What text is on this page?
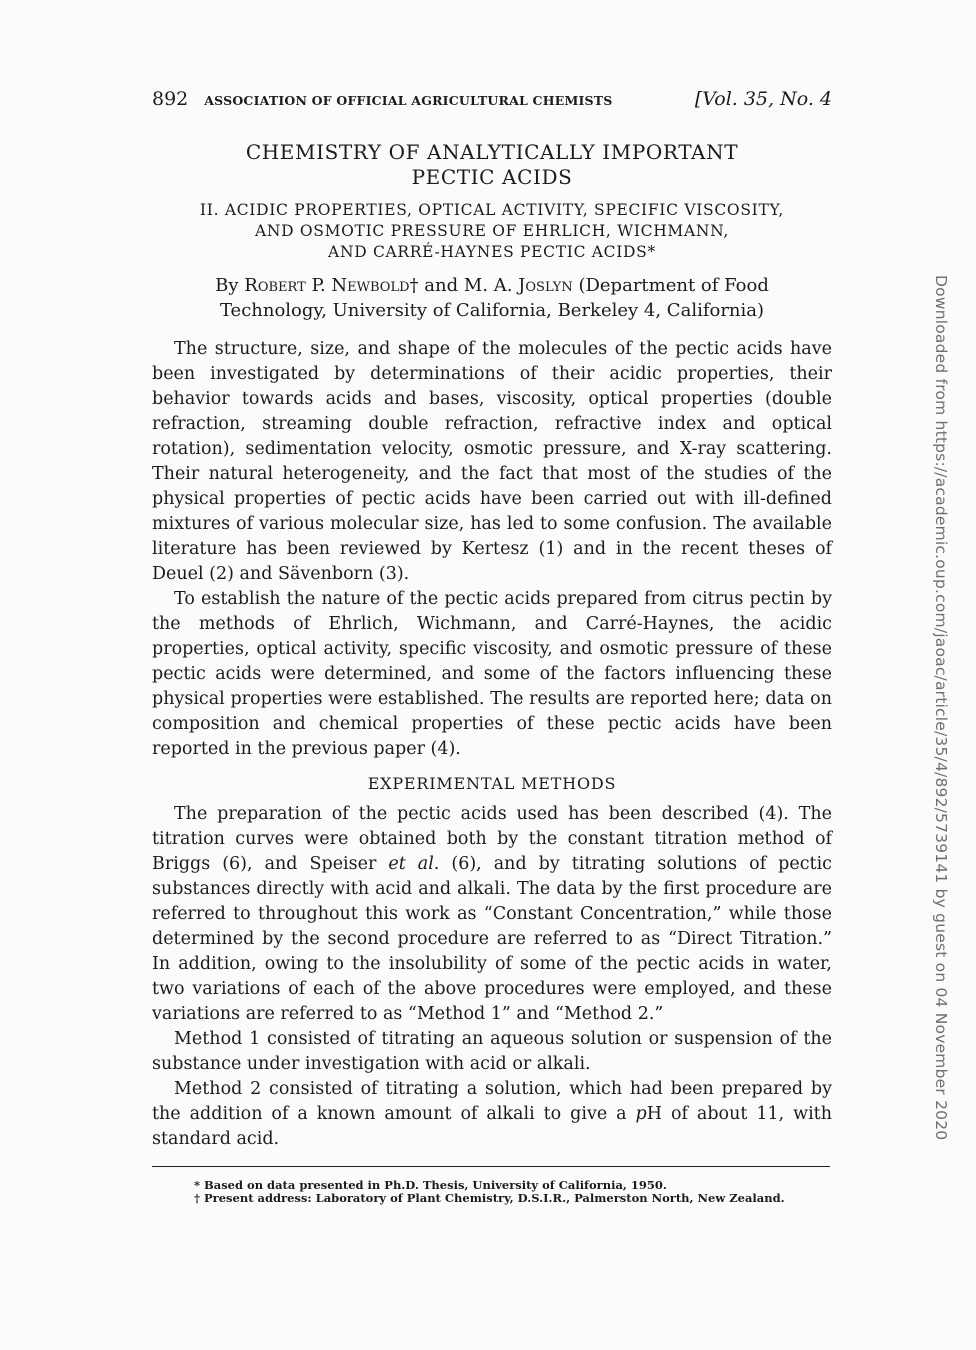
892 ASSOCIATION OF OFFICIAL AGRICULTURAL CHEMISTS	[Vol. 35, No. 4
CHEMISTRY OF ANALYTICALLY IMPORTANT
PECTIC ACIDS
II. ACIDIC PROPERTIES, OPTICAL ACTIVITY, SPECIFIC VISCOSITY,
AND OSMOTIC PRESSURE OF EHRLICH, WICHMANN,
AND CARRÉ-HAYNES PECTIC ACIDS*
By Robert P. Newbold† and M. A. Joslyn (Department of Food Technology, University of California, Berkeley 4, California)

The structure, size, and shape of the molecules of the pectic acids have been investigated by determinations of their acidic properties, their behavior towards acids and bases, viscosity, optical properties (double refraction, streaming double refraction, refractive index and optical rotation), sedimentation velocity, osmotic pressure, and X-ray scattering. Their natural heterogeneity, and the fact that most of the studies of the physical properties of pectic acids have been carried out with ill-defined mixtures of various molecular size, has led to some confusion. The available literature has been reviewed by Kertesz (1) and in the recent theses of Deuel (2) and Sävenborn (3).

To establish the nature of the pectic acids prepared from citrus pectin by the methods of Ehrlich, Wichmann, and Carré-Haynes, the acidic properties, optical activity, specific viscosity, and osmotic pressure of these pectic acids were determined, and some of the factors influencing these physical properties were established. The results are reported here; data on composition and chemical properties of these pectic acids have been reported in the previous paper (4).

EXPERIMENTAL METHODS

The preparation of the pectic acids used has been described (4). The titration curves were obtained both by the constant titration method of Briggs (6), and Speiser et al. (6), and by titrating solutions of pectic substances directly with acid and alkali. The data by the first procedure are referred to throughout this work as “Constant Concentration,” while those determined by the second procedure are referred to as “Direct Titration.” In addition, owing to the insolubility of some of the pectic acids in water, two variations of each of the above procedures were employed, and these variations are referred to as “Method 1” and “Method 2.”

Method 1 consisted of titrating an aqueous solution or suspension of the substance under investigation with acid or alkali.

Method 2 consisted of titrating a solution, which had been prepared by the addition of a known amount of alkali to give a pH of about 11, with standard acid.

* Based on data presented in Ph.D. Thesis, University of California, 1950.
† Present address: Laboratory of Plant Chemistry, D.S.I.R., Palmerston North, New Zealand.
Downloaded from https://academic.oup.com/jaoac/article/35/4/892/5739141 by guest on 04 November 2020
